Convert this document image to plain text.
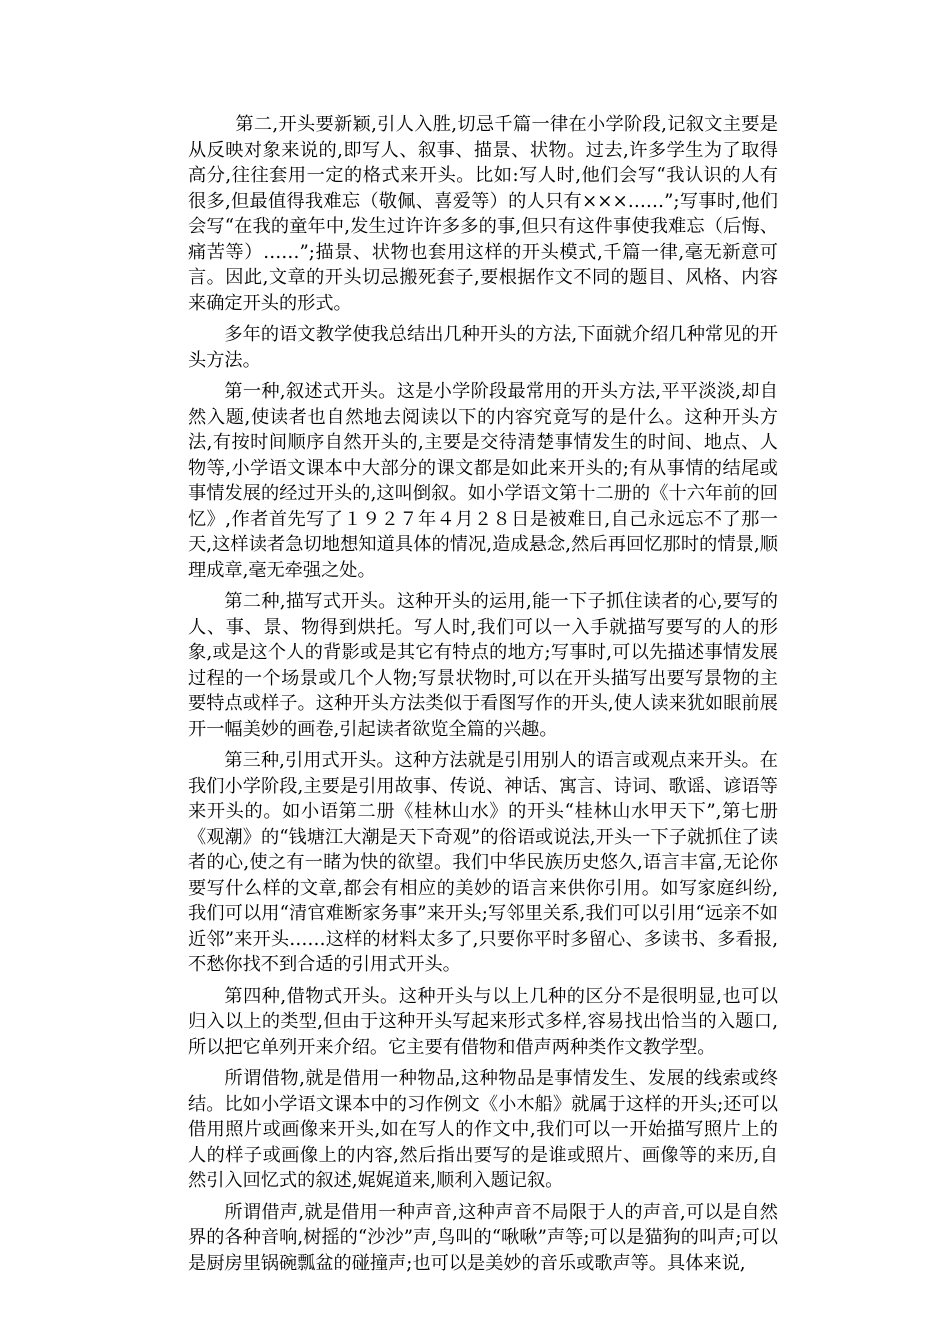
第二,开头要新颖,引人入胜,切忌千篇一律在小学阶段,记叙文主要是从反映对象来说的,即写人、叙事、描景、状物。过去,许多学生为了取得高分,往往套用一定的格式来开头。比如:写人时,他们会写“我认识的人有很多,但最值得我难忘（敬佩、喜爱等）的人只有×××……”;写事时,他们会写“在我的童年中,发生过许许多多的事,但只有这件事使我难忘（后悔、痛苦等）……”;描景、状物也套用这样的开头模式,千篇一律,毫无新意可言。因此,文章的开头切忌搬死套子,要根据作文不同的题目、风格、内容来确定开头的形式。

多年的语文教学使我总结出几种开头的方法,下面就介绍几种常见的开头方法。

第一种,叙述式开头。这是小学阶段最常用的开头方法,平平淡淡,却自然入题,使读者也自然地去阅读以下的内容究竟写的是什么。这种开头方法,有按时间顺序自然开头的,主要是交待清楚事情发生的时间、地点、人物等,小学语文课本中大部分的课文都是如此来开头的;有从事情的结尾或事情发展的经过开头的,这叫倒叙。如小学语文第十二册的《十六年前的回忆》,作者首先写了１９２７年４月２８日是被难日,自己永远忘不了那一天,这样读者急切地想知道具体的情况,造成悬念,然后再回忆那时的情景,顺理成章,毫无牵强之处。

第二种,描写式开头。这种开头的运用,能一下子抓住读者的心,要写的人、事、景、物得到烘托。写人时,我们可以一入手就描写要写的人的形象,或是这个人的背影或是其它有特点的地方;写事时,可以先描述事情发展过程的一个场景或几个人物;写景状物时,可以在开头描写出要写景物的主要特点或样子。这种开头方法类似于看图写作的开头,使人读来犹如眼前展开一幅美妙的画卷,引起读者欲览全篇的兴趣。

第三种,引用式开头。这种方法就是引用别人的语言或观点来开头。在我们小学阶段,主要是引用故事、传说、神话、寓言、诗词、歌谣、谚语等来开头的。如小语第二册《桂林山水》的开头“桂林山水甲天下”,第七册《观潮》的“钱塘江大潮是天下奇观”的俗语或说法,开头一下子就抓住了读者的心,使之有一睹为快的欲望。我们中华民族历史悠久,语言丰富,无论你要写什么样的文章,都会有相应的美妙的语言来供你引用。如写家庭纠纷,我们可以用“清官难断家务事”来开头;写邻里关系,我们可以引用“远亲不如近邻”来开头……这样的材料太多了,只要你平时多留心、多读书、多看报,不愁你找不到合适的引用式开头。

第四种,借物式开头。这种开头与以上几种的区分不是很明显,也可以归入以上的类型,但由于这种开头写起来形式多样,容易找出恰当的入题口,所以把它单列开来介绍。它主要有借物和借声两种类作文教学型。

所谓借物,就是借用一种物品,这种物品是事情发生、发展的线索或终结。比如小学语文课本中的习作例文《小木船》就属于这样的开头;还可以借用照片或画像来开头,如在写人的作文中,我们可以一开始描写照片上的人的样子或画像上的内容,然后指出要写的是谁或照片、画像等的来历,自然引入回忆式的叙述,娓娓道来,顺利入题记叙。

所谓借声,就是借用一种声音,这种声音不局限于人的声音,可以是自然界的各种音响,树摇的“沙沙”声,鸟叫的“啾啾”声等;可以是猫狗的叫声;可以是厨房里锅碗瓢盆的碰撞声;也可以是美妙的音乐或歌声等。具体来说,
